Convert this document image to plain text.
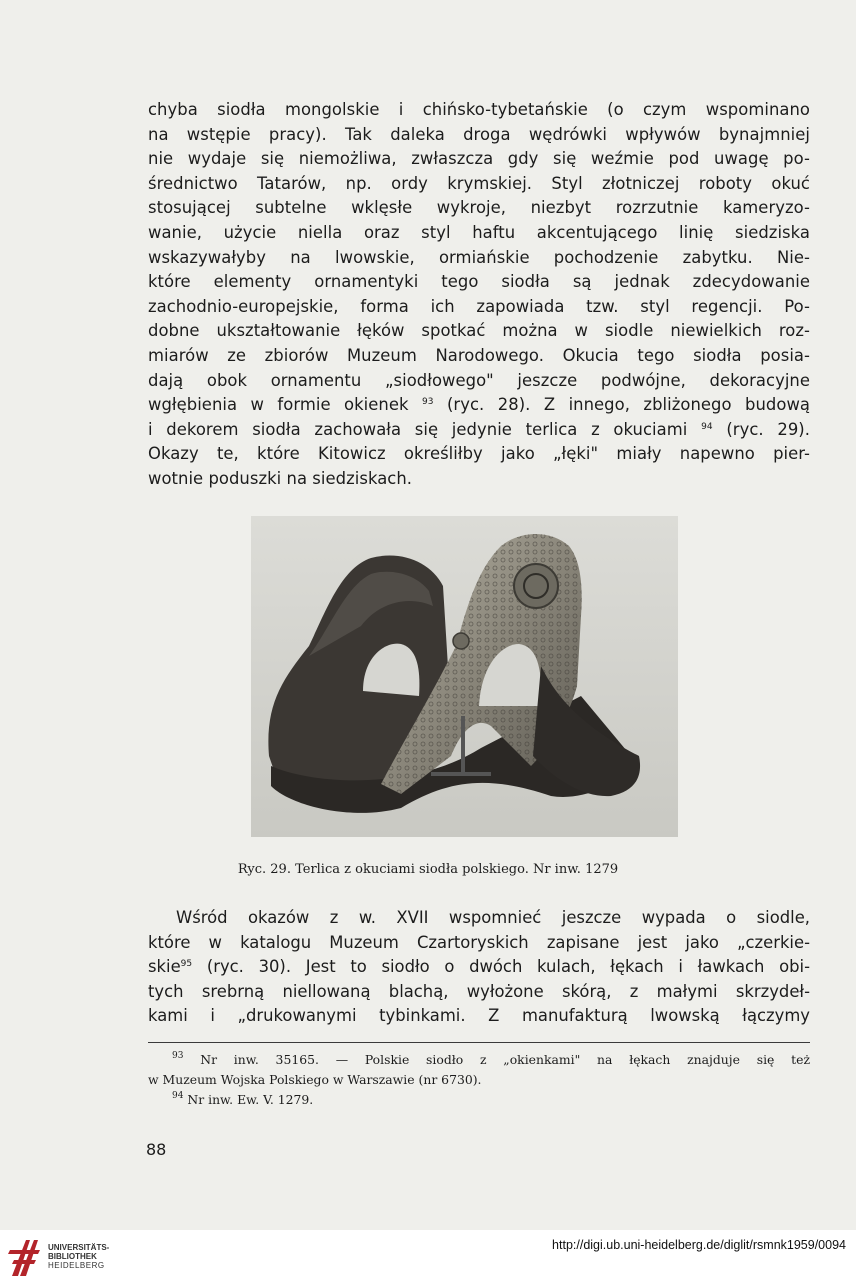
chyba siodła mongolskie i chińsko-tybetańskie (o czym wspominano
na wstępie pracy). Tak daleka droga wędrówki wpływów bynajmniej
nie wydaje się niemożliwa, zwłaszcza gdy się weźmie pod uwagę po-
średnictwo Tatarów, np. ordy krymskiej. Styl złotniczej roboty okuć
stosującej subtelne wklęsłe wykroje, niezbyt rozrzutnie kameryzo-
wanie, użycie niella oraz styl haftu akcentującego linię siedziska
wskazywałyby na lwowskie, ormiańskie pochodzenie zabytku. Nie-
które elementy ornamentyki tego siodła są jednak zdecydowanie
zachodnio-europejskie, forma ich zapowiada tzw. styl regencji. Po-
dobne ukształtowanie łęków spotkać można w siodle niewielkich roz-
miarów ze zbiorów Muzeum Narodowego. Okucia tego siodła posia-
dają obok ornamentu „siodłowego" jeszcze podwójne, dekoracyjne
wgłębienia w formie okienek $^{93}$ (ryc. 28). Z innego, zbliżonego budową
i dekorem siodła zachowała się jedynie terlica z okuciami $^{94}$ (ryc. 29).
Okazy te, które Kitowicz określiłby jako „łęki" miały napewno pier-
wotnie poduszki na siedziskach.
Ryc. 29. Terlica z okuciami siodła polskiego. Nr inw. 1279
Wśród okazów z w. XVII wspomnieć jeszcze wypada o siodle,
które w katalogu Muzeum Czartoryskich zapisane jest jako „czerkie-
skie$^{95}$ (ryc. 30). Jest to siodło o dwóch kulach, łękach i ławkach obi-
tych srebrną niellowaną blachą, wyłożone skórą, z małymi skrzydeł-
kami i „drukowanymi tybinkami. Z manufakturą lwowską łączymy
$^{93}$ Nr inw. 35165. — Polskie siodło z „okienkami" na łękach znajduje się też
w Muzeum Wojska Polskiego w Warszawie (nr 6730).
$^{94}$ Nr inw. Ew. V. 1279.
88
UNIVERSITÄTS-
BIBLIOTHEK
HEIDELBERG
http://digi.ub.uni-heidelberg.de/diglit/rsmnk1959/0094
